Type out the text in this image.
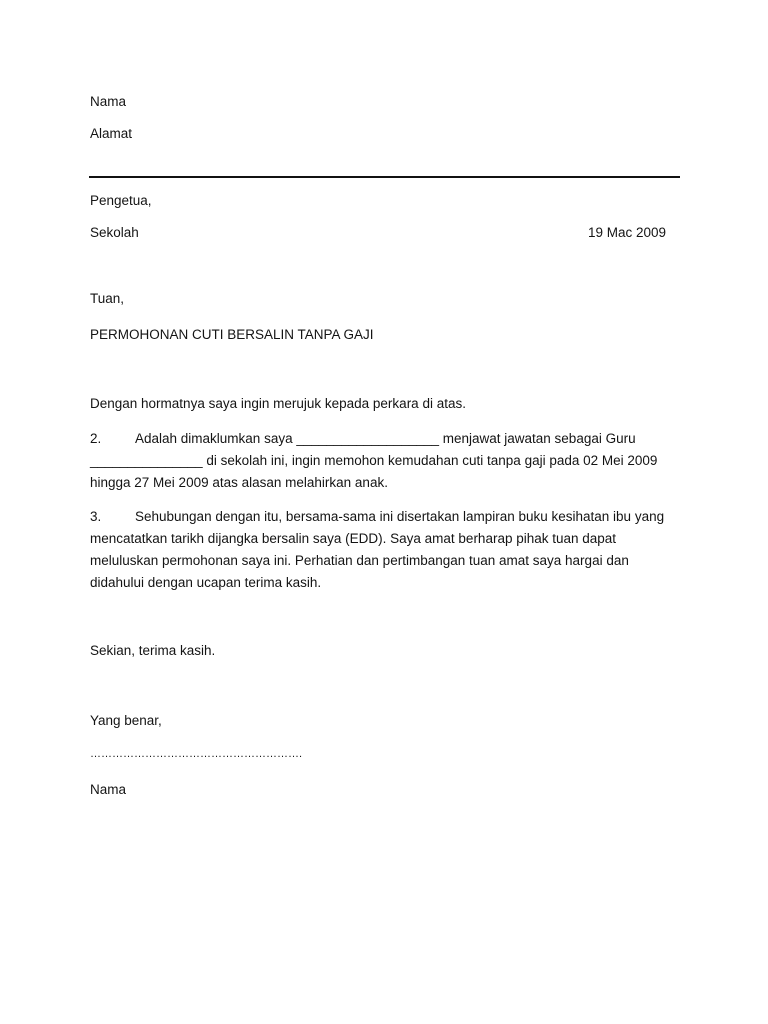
Nama
Alamat
Pengetua,
Sekolah	19 Mac 2009
Tuan,
PERMOHONAN CUTI BERSALIN TANPA GAJI
Dengan hormatnya saya ingin merujuk kepada perkara di atas.
2. Adalah dimaklumkan saya ___________________ menjawat jawatan sebagai Guru _______________ di sekolah ini, ingin memohon kemudahan cuti tanpa gaji pada 02 Mei 2009 hingga 27 Mei 2009 atas alasan melahirkan anak.
3. Sehubungan dengan itu, bersama-sama ini disertakan lampiran buku kesihatan ibu yang mencatatkan tarikh dijangka bersalin saya (EDD). Saya amat berharap pihak tuan dapat meluluskan permohonan saya ini. Perhatian dan pertimbangan tuan amat saya hargai dan didahului dengan ucapan terima kasih.
Sekian, terima kasih.
Yang benar,
………………………………………………….
Nama
